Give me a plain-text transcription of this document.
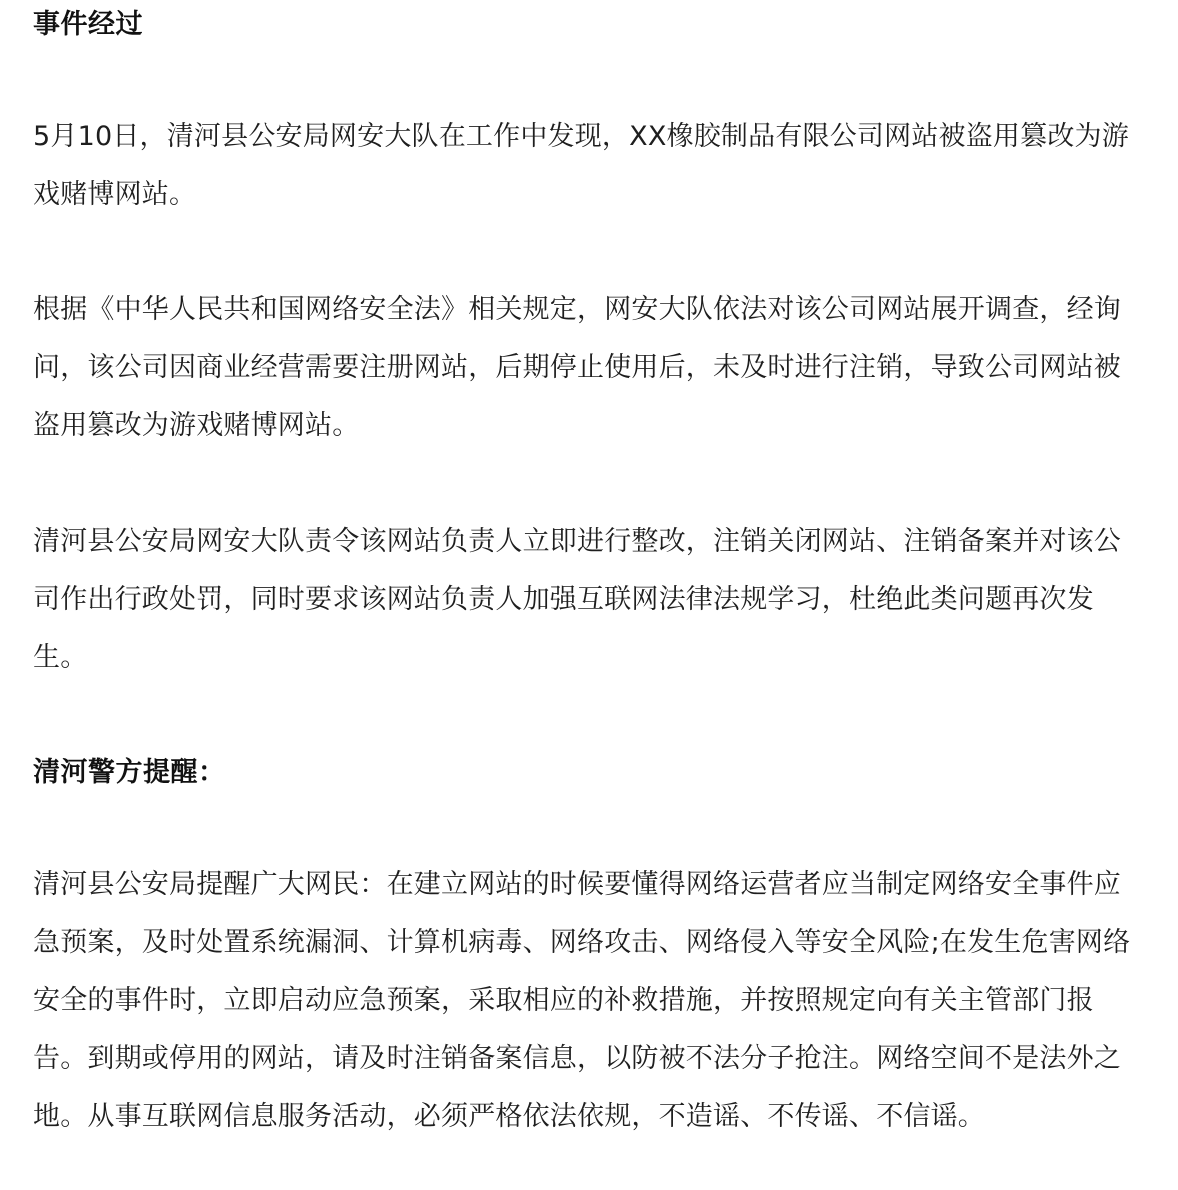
事件经过

5月10日，清河县公安局网安大队在工作中发现，XX橡胶制品有限公司网站被盗用篡改为游
戏赌博网站。

根据《中华人民共和国网络安全法》相关规定，网安大队依法对该公司网站展开调查，经询
问，该公司因商业经营需要注册网站，后期停止使用后，未及时进行注销，导致公司网站被
盗用篡改为游戏赌博网站。

清河县公安局网安大队责令该网站负责人立即进行整改，注销关闭网站、注销备案并对该公
司作出行政处罚，同时要求该网站负责人加强互联网法律法规学习，杜绝此类问题再次发
生。

清河警方提醒：

清河县公安局提醒广大网民：在建立网站的时候要懂得网络运营者应当制定网络安全事件应
急预案，及时处置系统漏洞、计算机病毒、网络攻击、网络侵入等安全风险;在发生危害网络
安全的事件时，立即启动应急预案，采取相应的补救措施，并按照规定向有关主管部门报
告。到期或停用的网站，请及时注销备案信息，以防被不法分子抢注。网络空间不是法外之
地。从事互联网信息服务活动，必须严格依法依规，不造谣、不传谣、不信谣。
